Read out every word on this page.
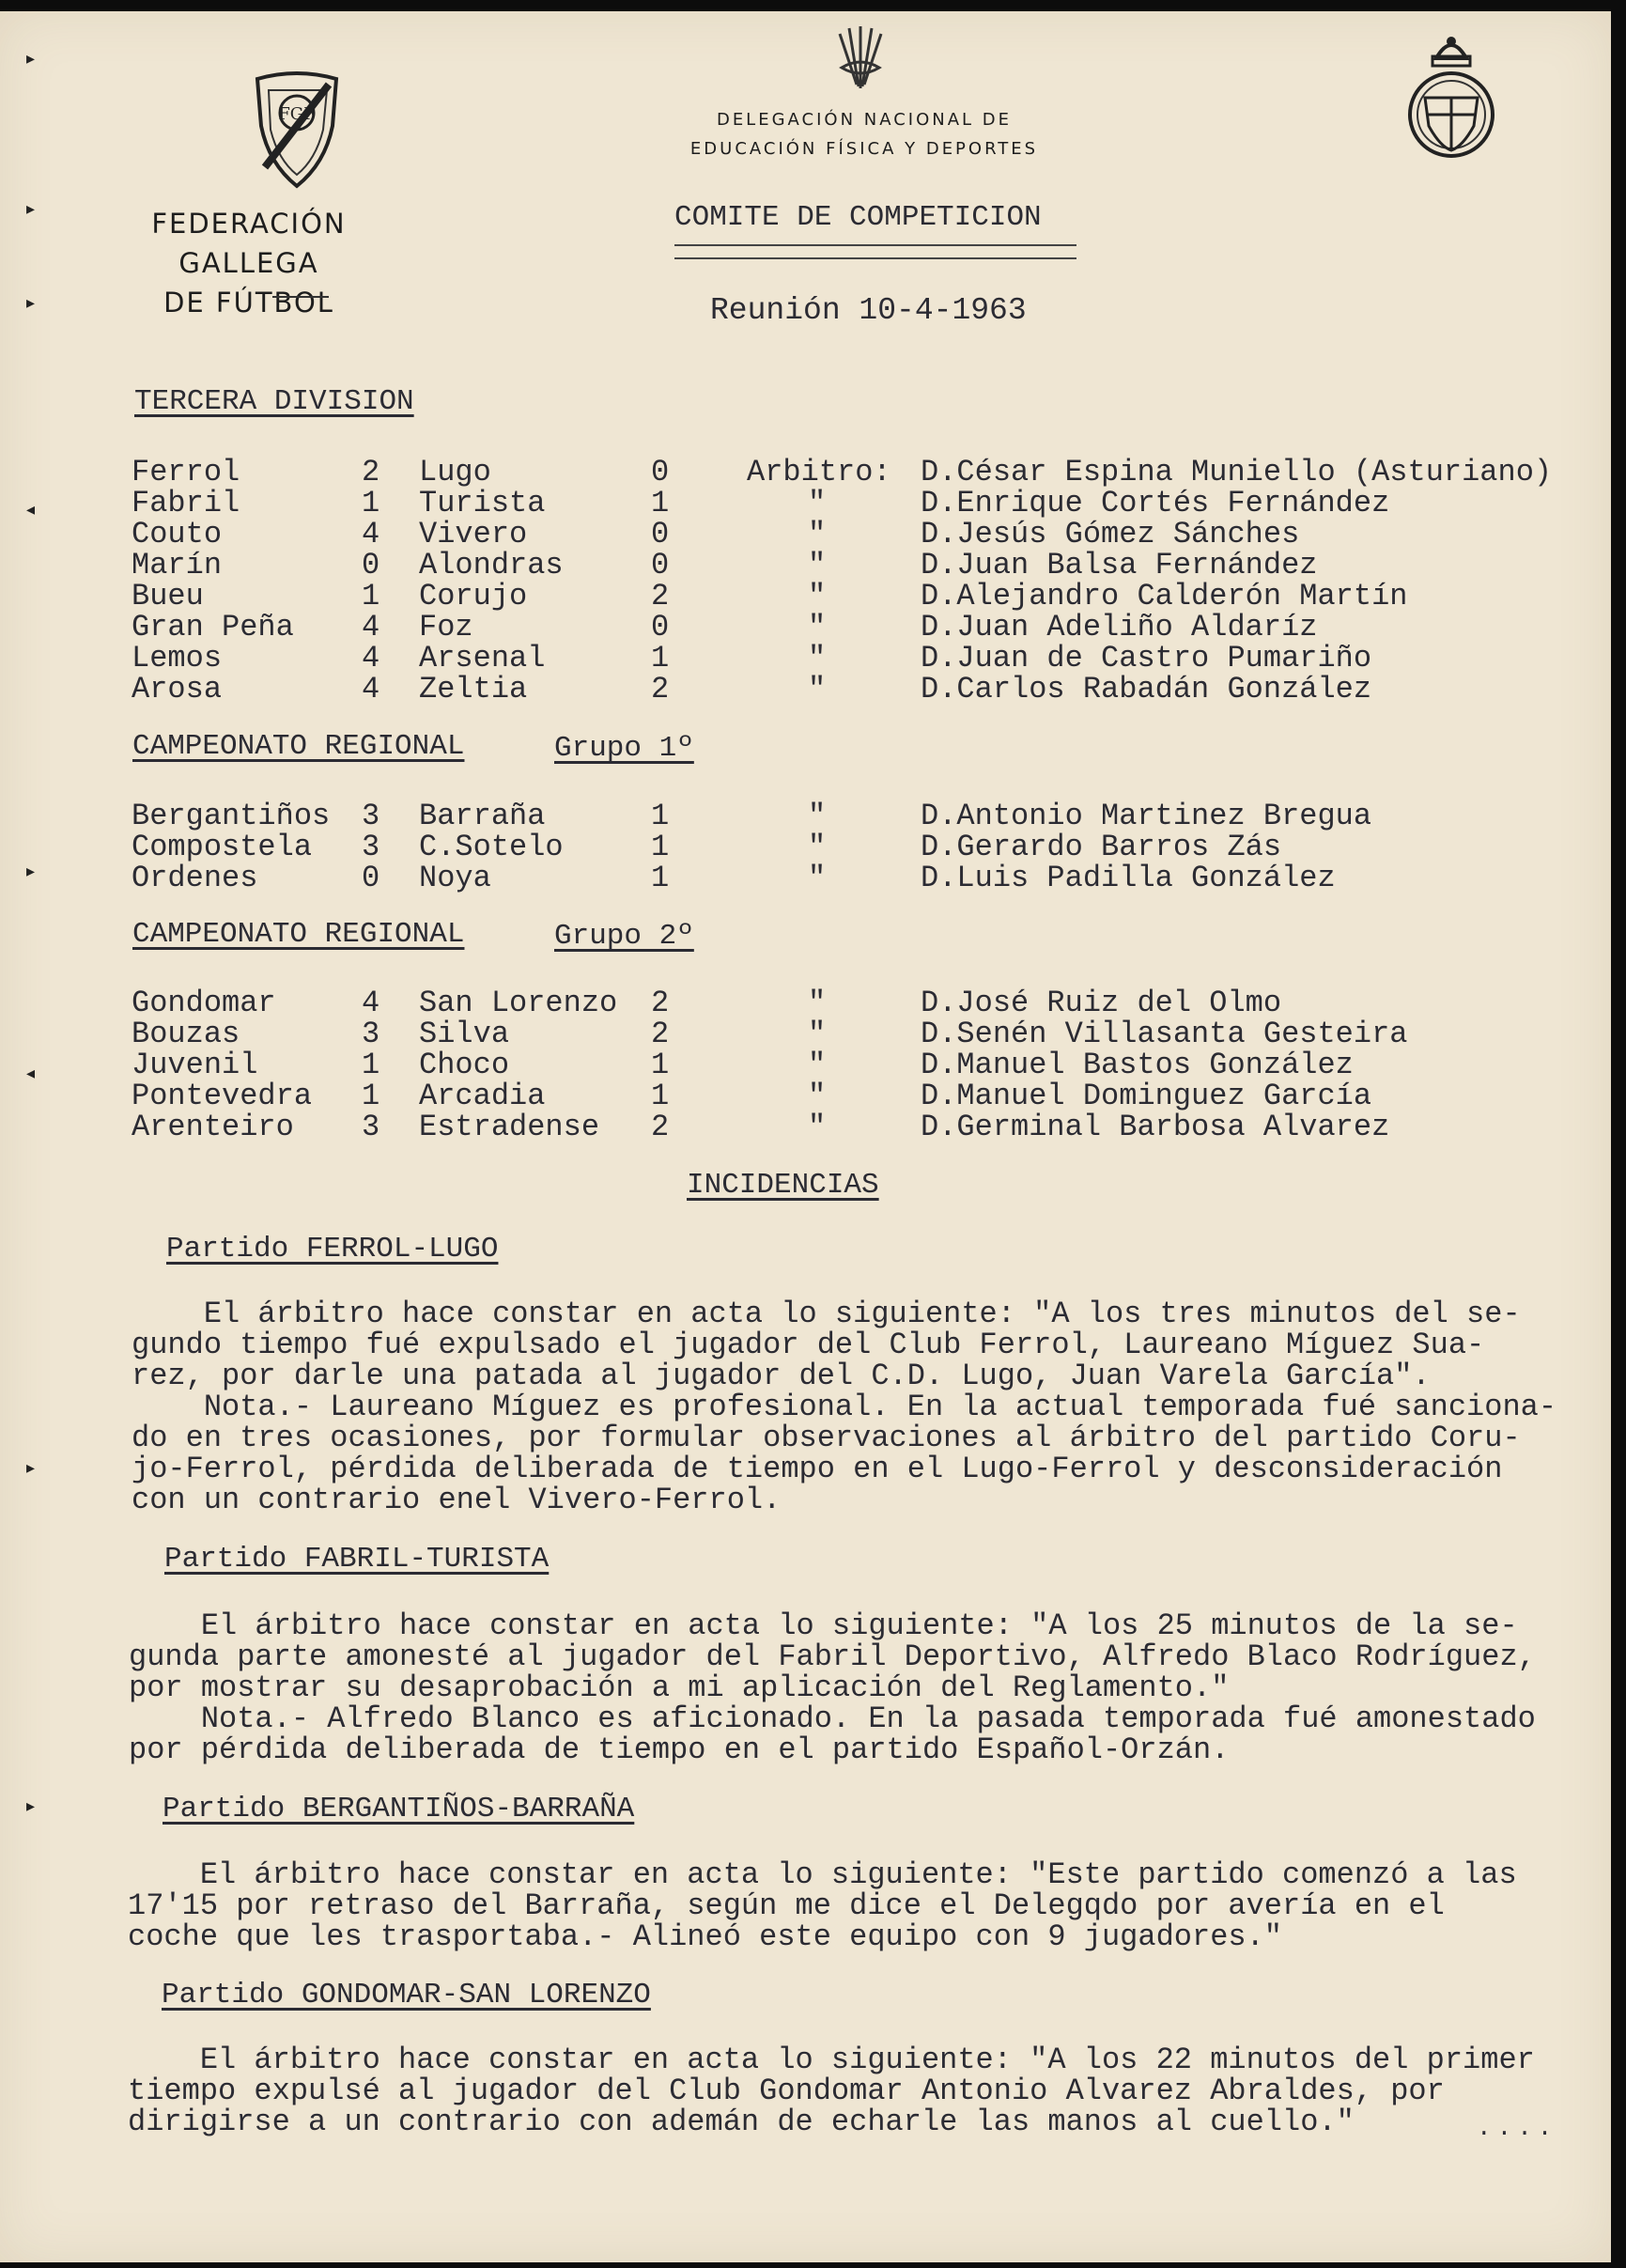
▸
▸
▸
◂
▸
◂
▸
▸
FGF
FEDERACIÓN GALLEGA
DE FÚTBOL
DELEGACIÓN NACIONAL DE
EDUCACIÓN FÍSICA Y DEPORTES
COMITE DE COMPETICION
Reunión 10-4-1963
TERCERA DIVISION
Ferrol	2 Lugo	0	Arbitro: D.César Espina Muniello (Asturiano)
Fabril	1 Turista	1	"	D.Enrique Cortés Fernández
Couto	4 Vivero	0	"	D.Jesús Gómez Sánches
Marín	0 Alondras	0	"	D.Juan Balsa Fernández
Bueu	1 Corujo	2	"	D.Alejandro Calderón Martín
Gran Peña 4 Foz	0	"	D.Juan Adeliño Aldaríz
Lemos	4 Arsenal	1	"	D.Juan de Castro Pumariño
Arosa	4 Zeltia	2	"	D.Carlos Rabadán González
CAMPEONATO REGIONAL	Grupo 1º
Bergantiños 3 Barraña	1	"	D.Antonio Martinez Bregua
Compostela 3 C.Sotelo	1	"	D.Gerardo Barros Zás
Ordenes	0 Noya	1	"	D.Luis Padilla González
CAMPEONATO REGIONAL	Grupo 2º
Gondomar	4 San Lorenzo 2	"	D.José Ruiz del Olmo
Bouzas	3 Silva	2	"	D.Senén Villasanta Gesteira
Juvenil	1 Choco	1	"	D.Manuel Bastos González
Pontevedra 1 Arcadia	1	"	D.Manuel Dominguez García
Arenteiro 3 Estradense 2	"	D.Germinal Barbosa Alvarez
INCIDENCIAS
Partido FERROL-LUGO
El árbitro hace constar en acta lo siguiente: "A los tres minutos del se-
gundo tiempo fué expulsado el jugador del Club Ferrol, Laureano Míguez Sua-
rez, por darle una patada al jugador del C.D. Lugo, Juan Varela García".
Nota.- Laureano Míguez es profesional. En la actual temporada fué sanciona-
do en tres ocasiones, por formular observaciones al árbitro del partido Coru-
jo-Ferrol, pérdida deliberada de tiempo en el Lugo-Ferrol y desconsideración
con un contrario enel Vivero-Ferrol.
Partido FABRIL-TURISTA
El árbitro hace constar en acta lo siguiente: "A los 25 minutos de la se-
gunda parte amonesté al jugador del Fabril Deportivo, Alfredo Blaco Rodríguez,
por mostrar su desaprobación a mi aplicación del Reglamento."
Nota.- Alfredo Blanco es aficionado. En la pasada temporada fué amonestado
por pérdida deliberada de tiempo en el partido Español-Orzán.
Partido BERGANTIÑOS-BARRAÑA
El árbitro hace constar en acta lo siguiente: "Este partido comenzó a las
17'15 por retraso del Barraña, según me dice el Delegqdo por avería en el
coche que les trasportaba.- Alineó este equipo con 9 jugadores."
Partido GONDOMAR-SAN LORENZO
El árbitro hace constar en acta lo siguiente: "A los 22 minutos del primer
tiempo expulsé al jugador del Club Gondomar Antonio Alvarez Abraldes, por
dirigirse a un contrario con ademán de echarle las manos al cuello."	....
